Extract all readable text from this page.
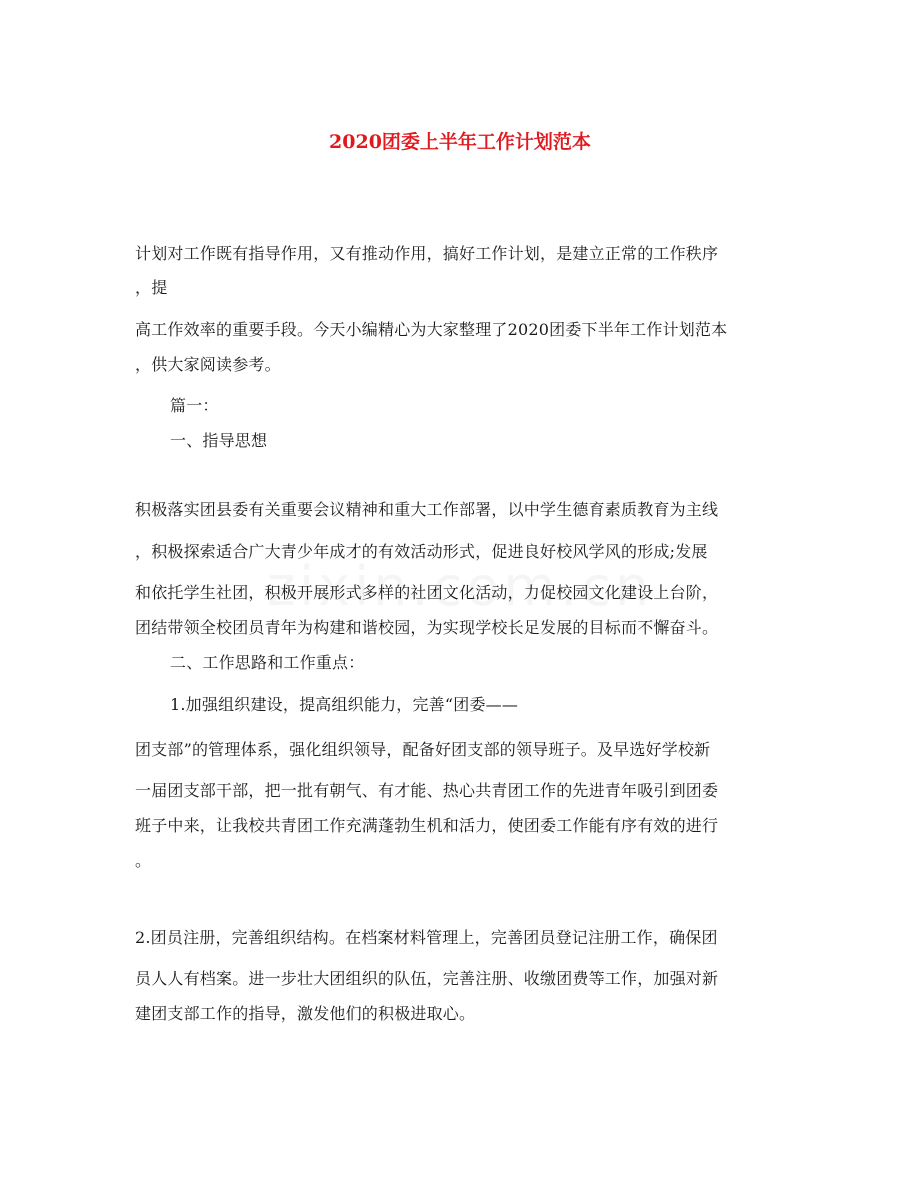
2020团委上半年工作计划范本
计划对工作既有指导作用，又有推动作用，搞好工作计划，是建立正常的工作秩序
，提
高工作效率的重要手段。今天小编精心为大家整理了2020团委下半年工作计划范本
，供大家阅读参考。
篇一：
一、指导思想
积极落实团县委有关重要会议精神和重大工作部署，以中学生德育素质教育为主线
，积极探索适合广大青少年成才的有效活动形式，促进良好校风学风的形成;发展
和依托学生社团，积极开展形式多样的社团文化活动，力促校园文化建设上台阶，
团结带领全校团员青年为构建和谐校园，为实现学校长足发展的目标而不懈奋斗。
二、工作思路和工作重点：
1.加强组织建设，提高组织能力，完善“团委——
团支部”的管理体系，强化组织领导，配备好团支部的领导班子。及早选好学校新
一届团支部干部，把一批有朝气、有才能、热心共青团工作的先进青年吸引到团委
班子中来，让我校共青团工作充满蓬勃生机和活力，使团委工作能有序有效的进行
。
2.团员注册，完善组织结构。在档案材料管理上，完善团员登记注册工作，确保团
员人人有档案。进一步壮大团组织的队伍，完善注册、收缴团费等工作，加强对新
建团支部工作的指导，激发他们的积极进取心。
